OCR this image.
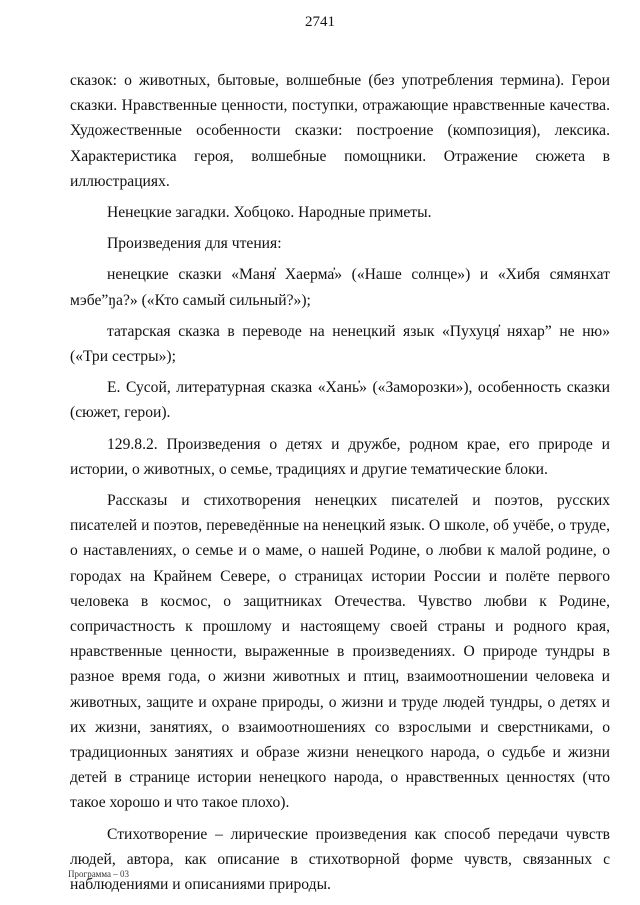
2741

сказок: о животных, бытовые, волшебные (без употребления термина). Герои сказки. Нравственные ценности, поступки, отражающие нравственные качества. Художественные особенности сказки: построение (композиция), лексика. Характеристика героя, волшебные помощники. Отражение сюжета в иллюстрациях.

Ненецкие загадки. Хобцоко. Народные приметы.

Произведения для чтения:

ненецкие сказки «Маня̓ Хаерма̓» («Наше солнце») и «Хибя сямянхат мэбе”ŋа?» («Кто самый сильный?»);

татарская сказка в переводе на ненецкий язык «Пухуця̓ няхар” не ню» («Три сестры»);

Е. Сусой, литературная сказка «Хань̓» («Заморозки»), особенность сказки (сюжет, герои).

129.8.2. Произведения о детях и дружбе, родном крае, его природе и истории, о животных, о семье, традициях и другие тематические блоки.

Рассказы и стихотворения ненецких писателей и поэтов, русских писателей и поэтов, переведённые на ненецкий язык. О школе, об учёбе, о труде, о наставлениях, о семье и о маме, о нашей Родине, о любви к малой родине, о городах на Крайнем Севере, о страницах истории России и полёте первого человека в космос, о защитниках Отечества. Чувство любви к Родине, сопричастность к прошлому и настоящему своей страны и родного края, нравственные ценности, выраженные в произведениях. О природе тундры в разное время года, о жизни животных и птиц, взаимоотношении человека и животных, защите и охране природы, о жизни и труде людей тундры, о детях и их жизни, занятиях, о взаимоотношениях со взрослыми и сверстниками, о традиционных занятиях и образе жизни ненецкого народа, о судьбе и жизни детей в странице истории ненецкого народа, о нравственных ценностях (что такое хорошо и что такое плохо).

Стихотворение – лирические произведения как способ передачи чувств людей, автора, как описание в стихотворной форме чувств, связанных с наблюдениями и описаниями природы.

Программа – 03
